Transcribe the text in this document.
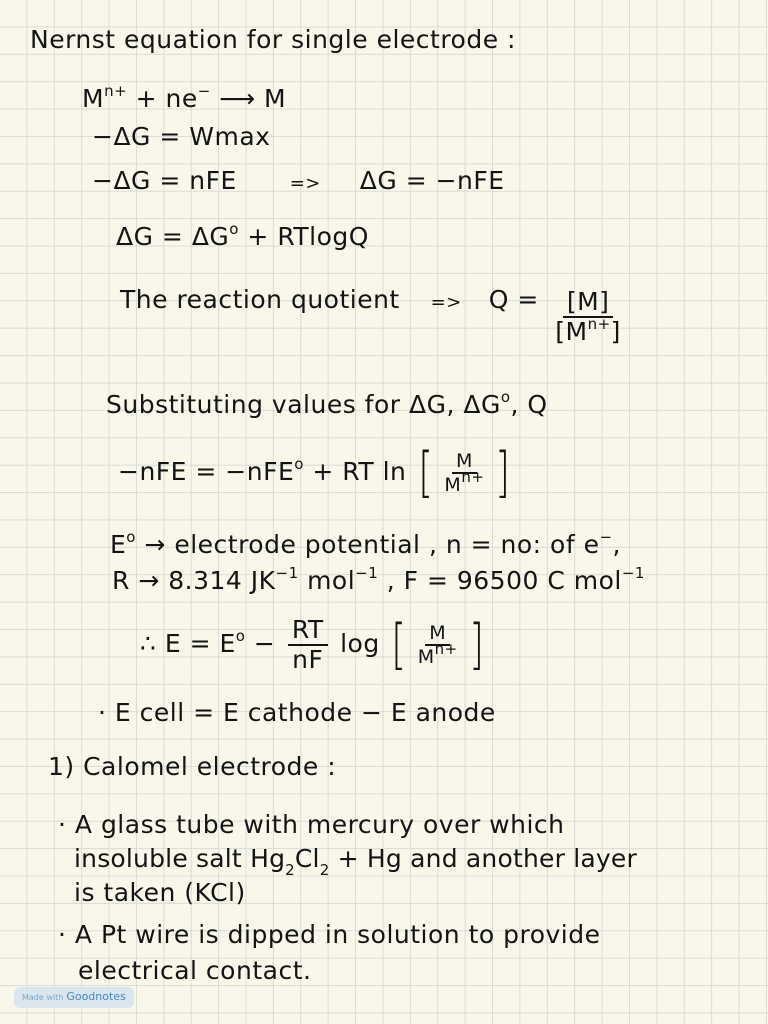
Nernst equation for single electrode :
$M^{n+} + ne^-$ ⟶ M
−ΔG = Wmax
−ΔG = nFE	=> ΔG = −nFE
$\Delta G = \Delta G^o + RTlogQ$
The reaction quotient => $Q = \frac{[M]}{[M^{n+}]}$
Substituting values for ΔG, $\Delta G^o$, Q
−nFE = −nFE$^o$ + RT ln [ $\frac{M}{M^{n+}}$ ]
$E^o$ → electrode potential , n = no: of e−,
R → 8.314 $JK^{-1}$ mol$^{-1}$ , F = 96500 C mol$^{-1}$
∴ $E = E^o - \frac{RT}{nF}$ log [ $\frac{M}{M^{n+}}$ ]
· E cell = E cathode − E anode
1) Calomel electrode :
· A glass tube with mercury over which
insoluble salt $Hg_2Cl_2 + Hg$ and another layer
is taken (KCl)
· A Pt wire is dipped in solution to provide
electrical contact.
Made with Goodnotes
